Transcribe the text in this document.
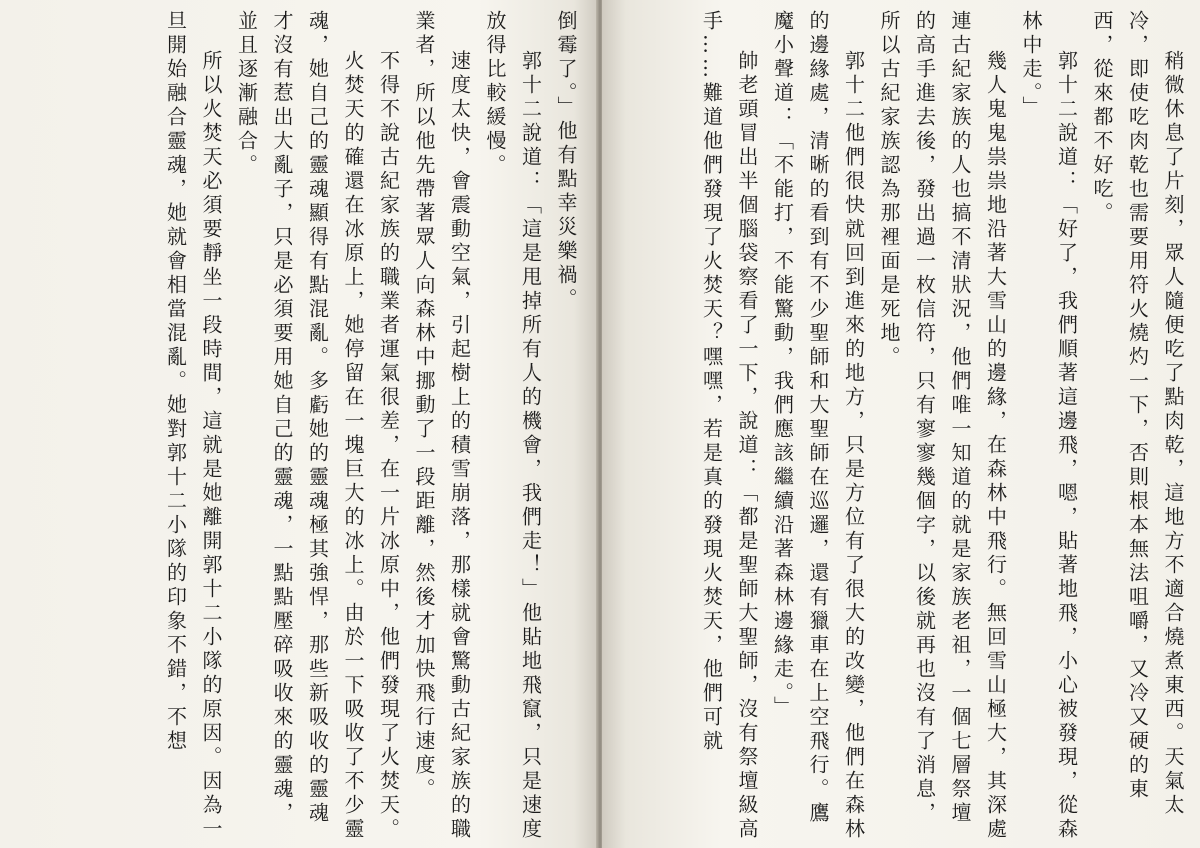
倒霉了。」他有點幸災樂禍。

郭十二說道：「這是甩掉所有人的機會，我們走！」他貼地飛竄，只是速度放得比較緩慢。

速度太快，會震動空氣，引起樹上的積雪崩落，那樣就會驚動古紀家族的職業者，所以他先帶著眾人向森林中挪動了一段距離，然後才加快飛行速度。

不得不說古紀家族的職業者運氣很差，在一片冰原中，他們發現了火焚天。

火焚天的確還在冰原上，她停留在一塊巨大的冰上。由於一下吸收了不少靈魂，她自己的靈魂顯得有點混亂。多虧她的靈魂極其強悍，那些新吸收的靈魂才沒有惹出大亂子，只是必須要用她自己的靈魂，一點點壓碎吸收來的靈魂，並且逐漸融合。

所以火焚天必須要靜坐一段時間，這就是她離開郭十二小隊的原因。因為一旦開始融合靈魂，她就會相當混亂。她對郭十二小隊的印象不錯，不想	稍微休息了片刻，眾人隨便吃了點肉乾，這地方不適合燒煮東西。天氣太冷，即使吃肉乾也需要用符火燒灼一下，否則根本無法咀嚼，又冷又硬的東西，從來都不好吃。

郭十二說道：「好了，我們順著這邊飛，嗯，貼著地飛，小心被發現，從森林中走。」

幾人鬼鬼祟祟地沿著大雪山的邊緣，在森林中飛行。無回雪山極大，其深處連古紀家族的人也搞不清狀況，他們唯一知道的就是家族老祖，一個七層祭壇的高手進去後，發出過一枚信符，只有寥寥幾個字，以後就再也沒有了消息，所以古紀家族認為那裡面是死地。

郭十二他們很快就回到進來的地方，只是方位有了很大的改變，他們在森林的邊緣處，清晰的看到有不少聖師和大聖師在巡邏，還有獵車在上空飛行。鷹魔小聲道：「不能打，不能驚動，我們應該繼續沿著森林邊緣走。」

帥老頭冒出半個腦袋察看了一下，說道：「都是聖師大聖師，沒有祭壇級高手……難道他們發現了火焚天？嘿嘿，若是真的發現火焚天，他們可就
